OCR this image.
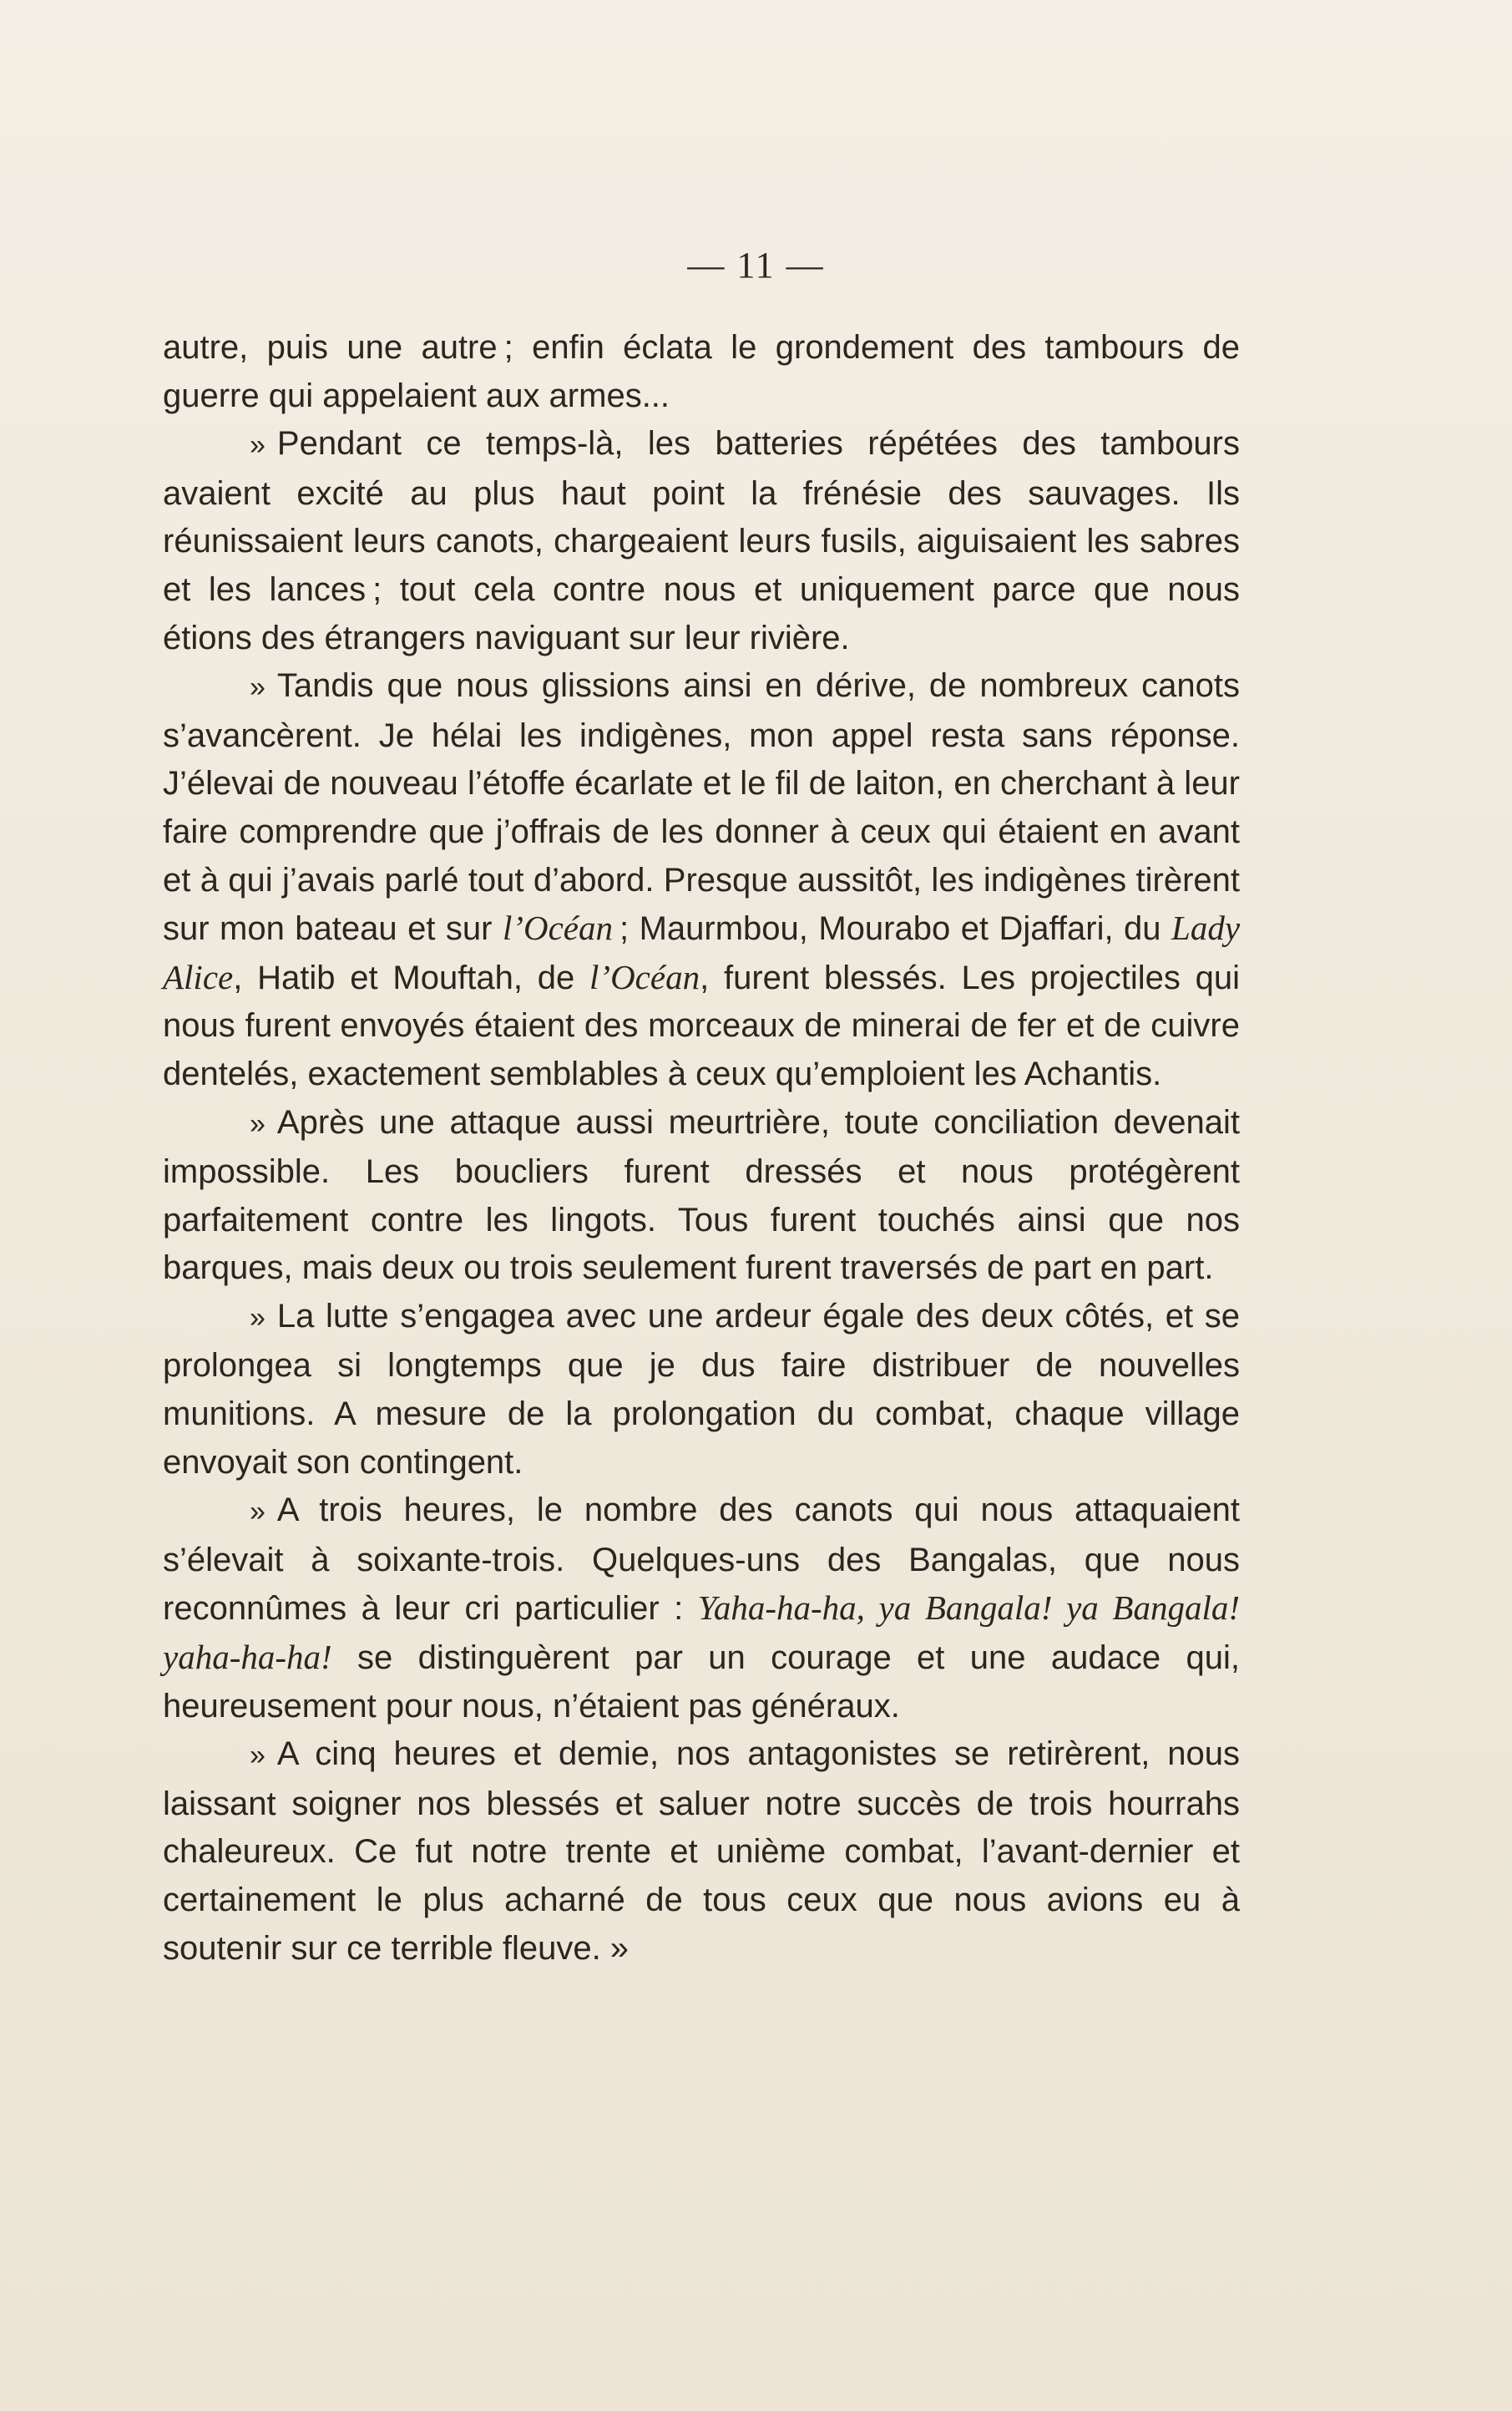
— 11 —

autre, puis une autre ; enfin éclata le grondement des tambours de guerre qui appelaient aux armes...

» Pendant ce temps-là, les batteries répétées des tambours avaient excité au plus haut point la frénésie des sauvages. Ils réunissaient leurs canots, chargeaient leurs fusils, aiguisaient les sabres et les lances ; tout cela contre nous et uniquement parce que nous étions des étrangers naviguant sur leur rivière.

» Tandis que nous glissions ainsi en dérive, de nombreux canots s’avancèrent. Je hélai les indigènes, mon appel resta sans réponse. J’élevai de nouveau l’étoffe écarlate et le fil de laiton, en cherchant à leur faire comprendre que j’offrais de les donner à ceux qui étaient en avant et à qui j’avais parlé tout d’abord. Presque aussitôt, les indigènes tirèrent sur mon bateau et sur l’Océan ; Maurmbou, Mourabo et Djaffari, du Lady Alice, Hatib et Mouftah, de l’Océan, furent blessés. Les projectiles qui nous furent envoyés étaient des morceaux de minerai de fer et de cuivre dentelés, exactement semblables à ceux qu’emploient les Achantis.

» Après une attaque aussi meurtrière, toute conciliation devenait impossible. Les boucliers furent dressés et nous protégèrent parfaitement contre les lingots. Tous furent touchés ainsi que nos barques, mais deux ou trois seulement furent traversés de part en part.

» La lutte s’engagea avec une ardeur égale des deux côtés, et se prolongea si longtemps que je dus faire distribuer de nouvelles munitions. A mesure de la prolongation du combat, chaque village envoyait son contingent.

» A trois heures, le nombre des canots qui nous attaquaient s’élevait à soixante-trois. Quelques-uns des Bangalas, que nous reconnûmes à leur cri particulier : Yaha-ha-ha, ya Bangala! ya Bangala! yaha-ha-ha! se distinguèrent par un courage et une audace qui, heureusement pour nous, n’étaient pas généraux.

» A cinq heures et demie, nos antagonistes se retirèrent, nous laissant soigner nos blessés et saluer notre succès de trois hourrahs chaleureux. Ce fut notre trente et unième combat, l’avant-dernier et certainement le plus acharné de tous ceux que nous avions eu à soutenir sur ce terrible fleuve. »
